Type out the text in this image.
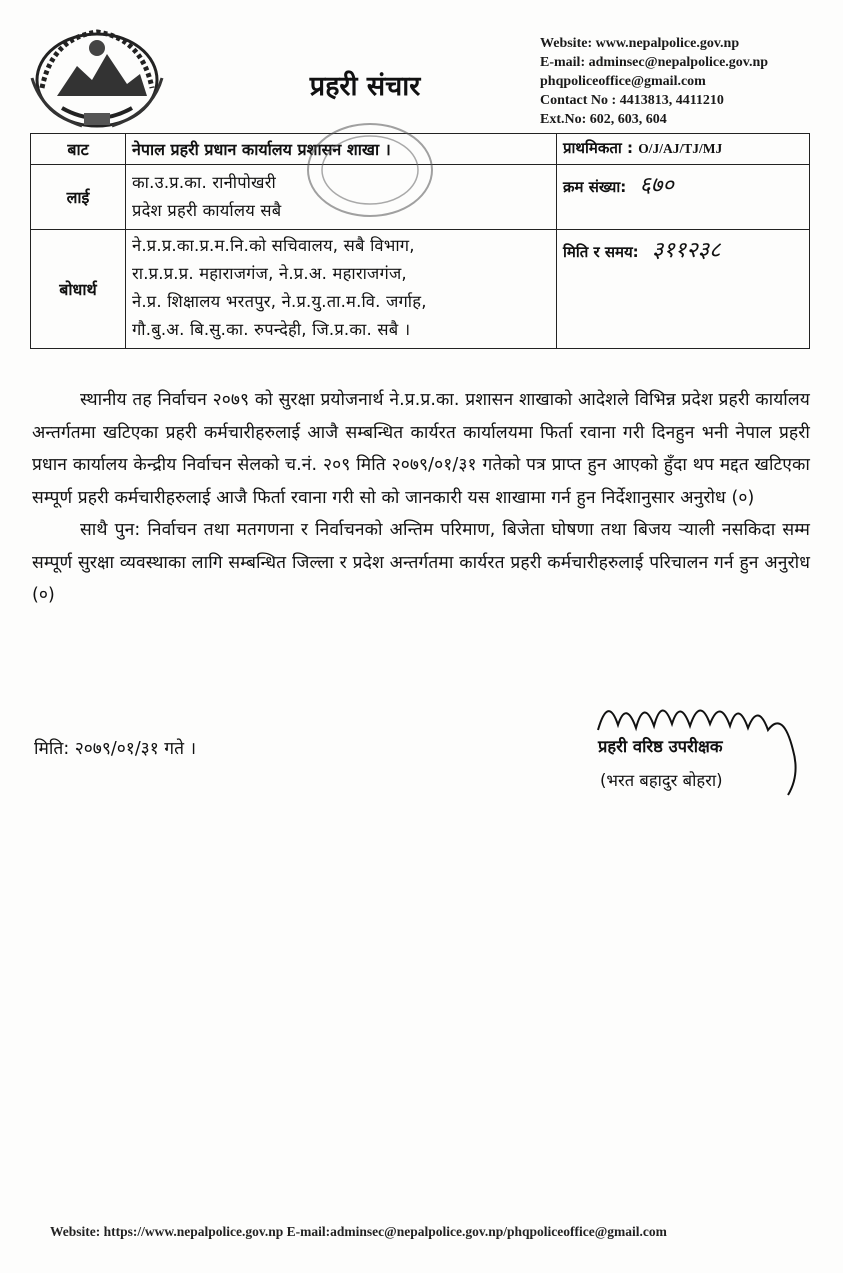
प्रहरी संचार
Website: www.nepalpolice.gov.np
E-mail: adminsec@nepalpolice.gov.np
phqpoliceoffice@gmail.com
Contact No : 4413813, 4411210
Ext.No: 602, 603, 604
बाट	नेपाल प्रहरी प्रधान कार्यालय प्रशासन शाखा ।	प्राथमिकता : O/J/AJ/TJ/MJ
लाई	का.उ.प्र.का. रानीपोखरी
प्रदेश प्रहरी कार्यालय सबै	क्रम संख्या: ६७०
बोधार्थ	ने.प्र.प्र.का.प्र.म.नि.को सचिवालय, सबै विभाग,
रा.प्र.प्र.प्र. महाराजगंज, ने.प्र.अ. महाराजगंज,
ने.प्र. शिक्षालय भरतपुर, ने.प्र.यु.ता.म.वि. जर्गाह,
गौ.बु.अ. बि.सु.का. रुपन्देही, जि.प्र.का. सबै ।	मिति र समय: ३११२३८

स्थानीय तह निर्वाचन २०७९ को सुरक्षा प्रयोजनार्थ ने.प्र.प्र.का. प्रशासन शाखाको आदेशले विभिन्न प्रदेश प्रहरी कार्यालय अन्तर्गतमा खटिएका प्रहरी कर्मचारीहरुलाई आजै सम्बन्धित कार्यरत कार्यालयमा फिर्ता रवाना गरी दिनहुन भनी नेपाल प्रहरी प्रधान कार्यालय केन्द्रीय निर्वाचन सेलको च.नं. २०९ मिति २०७९/०१/३१ गतेको पत्र प्राप्त हुन आएको हुँदा थप मद्दत खटिएका सम्पूर्ण प्रहरी कर्मचारीहरुलाई आजै फिर्ता रवाना गरी सो को जानकारी यस शाखामा गर्न हुन निर्देशानुसार अनुरोध (०)

साथै पुन: निर्वाचन तथा मतगणना र निर्वाचनको अन्तिम परिमाण, बिजेता घोषणा तथा बिजय ऱ्याली नसकिदा सम्म सम्पूर्ण सुरक्षा व्यवस्थाका लागि सम्बन्धित जिल्ला र प्रदेश अन्तर्गतमा कार्यरत प्रहरी कर्मचारीहरुलाई परिचालन गर्न हुन अनुरोध (०)

मिति: २०७९/०१/३१ गते ।	प्रहरी वरिष्ठ उपरीक्षक
(भरत बहादुर बोहरा)
Website: https://www.nepalpolice.gov.np E-mail:adminsec@nepalpolice.gov.np/phqpoliceoffice@gmail.com
